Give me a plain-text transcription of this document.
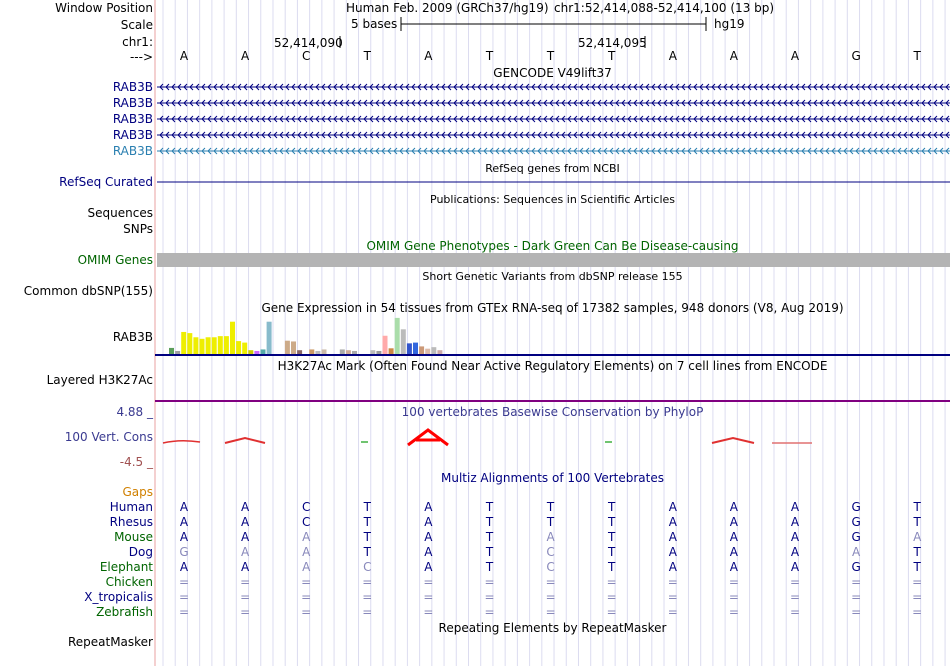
Window Position
Scale
chr1:
--->
Human Feb. 2009 (GRCh37/hg19) chr1:52,414,088-52,414,100 (13 bp)
5 bases	hg19
52,414,090	52,414,095
A	A	C	T	A	T	T	T	A	A	A	G	T
GENCODE V49lift37
RAB3B
RAB3B
RAB3B
RAB3B
RAB3B
RefSeq genes from NCBI
RefSeq Curated
Publications: Sequences in Scientific Articles
Sequences
SNPs
OMIM Gene Phenotypes - Dark Green Can Be Disease-causing
OMIM Genes
Short Genetic Variants from dbSNP release 155
Common dbSNP(155)
Gene Expression in 54 tissues from GTEx RNA-seq of 17382 samples, 948 donors (V8, Aug 2019)
RAB3B
H3K27Ac Mark (Often Found Near Active Regulatory Elements) on 7 cell lines from ENCODE
Layered H3K27Ac
100 vertebrates Basewise Conservation by PhyloP
4.88 _
100 Vert. Cons
-4.5 _
Multiz Alignments of 100 Vertebrates
Gaps
Human	A	A	C	T	A	T	T	T	A	A	A	G	T
Rhesus	A	A	C	T	A	T	T	T	A	A	A	G	T
Mouse	A	A	A	T	A	T	A	T	A	A	A	G	A
Dog	G	A	A	T	A	T	C	T	A	A	A	A	T
Elephant	A	A	A	C	A	T	C	T	A	A	A	G	T
Chicken	=	=	=	=	=	=	=	=	=	=	=	=	=
X_tropicalis	=	=	=	=	=	=	=	=	=	=	=	=	=
Zebrafish	=	=	=	=	=	=	=	=	=	=	=	=	=
Repeating Elements by RepeatMasker
RepeatMasker
